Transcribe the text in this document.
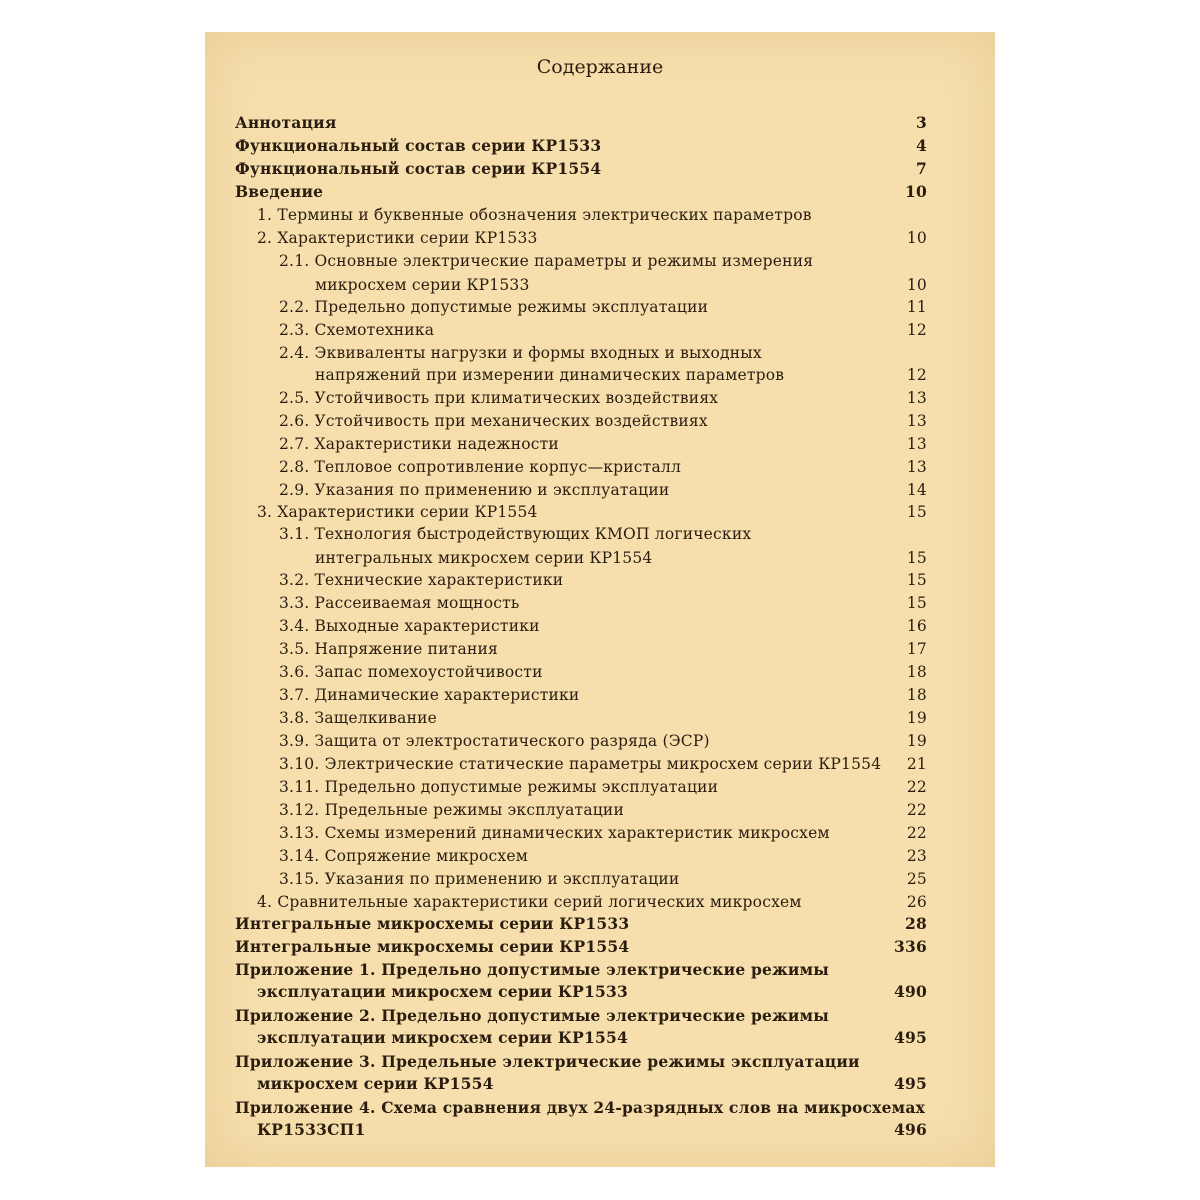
Содержание
Аннотация	3
Функциональный состав серии КР1533	4
Функциональный состав серии КР1554	7
Введение	10
1. Термины и буквенные обозначения электрических параметров
2. Характеристики серии КР1533	10
2.1. Основные электрические параметры и режимы измерения
микросхем серии КР1533	10
2.2. Предельно допустимые режимы эксплуатации	11
2.3. Схемотехника	12
2.4. Эквиваленты нагрузки и формы входных и выходных
напряжений при измерении динамических параметров	12
2.5. Устойчивость при климатических воздействиях	13
2.6. Устойчивость при механических воздействиях	13
2.7. Характеристики надежности	13
2.8. Тепловое сопротивление корпус—кристалл	13
2.9. Указания по применению и эксплуатации	14
3. Характеристики серии КР1554	15
3.1. Технология быстродействующих КМОП логических
интегральных микросхем серии КР1554	15
3.2. Технические характеристики	15
3.3. Рассеиваемая мощность	15
3.4. Выходные характеристики	16
3.5. Напряжение питания	17
3.6. Запас помехоустойчивости	18
3.7. Динамические характеристики	18
3.8. Защелкивание	19
3.9. Защита от электростатического разряда (ЭСР)	19
3.10. Электрические статические параметры микросхем серии КР1554 21
3.11. Предельно допустимые режимы эксплуатации	22
3.12. Предельные режимы эксплуатации	22
3.13. Схемы измерений динамических характеристик микросхем	22
3.14. Сопряжение микросхем	23
3.15. Указания по применению и эксплуатации	25
4. Сравнительные характеристики серий логических микросхем	26
Интегральные микросхемы серии КР1533	28
Интегральные микросхемы серии КР1554	336
Приложение 1. Предельно допустимые электрические режимы
эксплуатации микросхем серии КР1533	490
Приложение 2. Предельно допустимые электрические режимы
эксплуатации микросхем серии КР1554	495
Приложение 3. Предельные электрические режимы эксплуатации
микросхем серии КР1554	495
Приложение 4. Схема сравнения двух 24-разрядных слов на микросхемах
КР1533СП1	496
